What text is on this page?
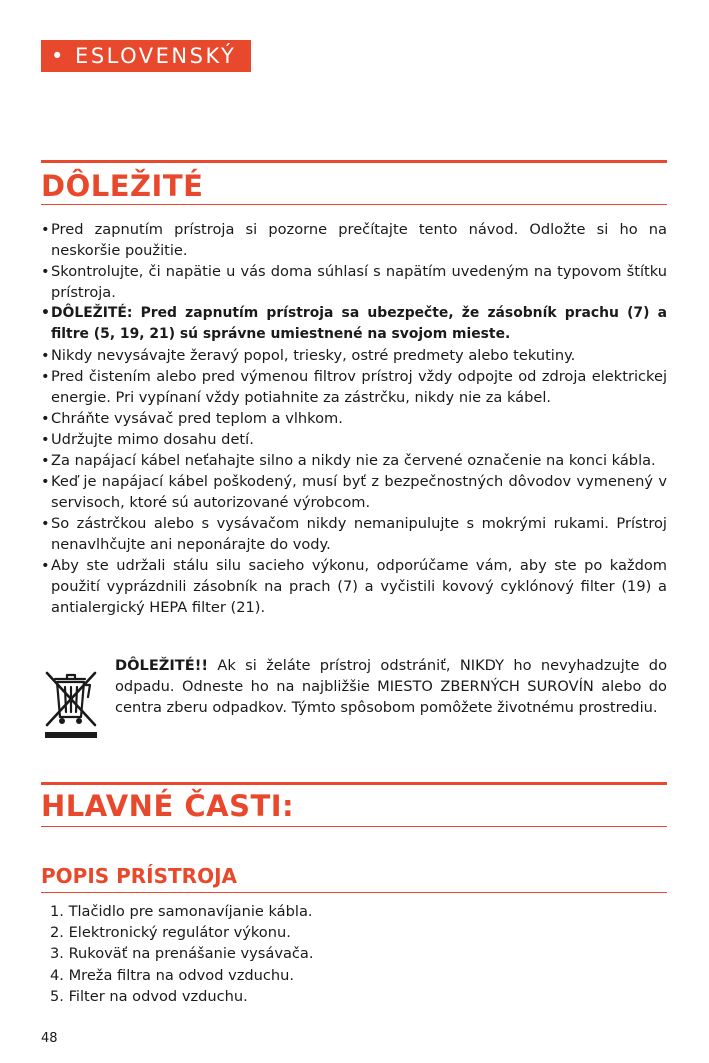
• ESLOVENSKÝ
DÔLEŽITÉ
• Pred zapnutím prístroja si pozorne prečítajte tento návod. Odložte si ho na neskoršie použitie.
• Skontrolujte, či napätie u vás doma súhlasí s napätím uvedeným na typovom štítku prístroja.
• DÔLEŽITÉ: Pred zapnutím prístroja sa ubezpečte, že zásobník prachu (7) a filtre (5, 19, 21) sú správne umiestnené na svojom mieste.
• Nikdy nevysávajte žeravý popol, triesky, ostré predmety alebo tekutiny.
• Pred čistením alebo pred výmenou filtrov prístroj vždy odpojte od zdroja elektrickej energie. Pri vypínaní vždy potiahnite za zástrčku, nikdy nie za kábel.
• Chráňte vysávač pred teplom a vlhkom.
• Udržujte mimo dosahu detí.
• Za napájací kábel neťahajte silno a nikdy nie za červené označenie na konci kábla.
• Keď je napájací kábel poškodený, musí byť z bezpečnostných dôvodov vymenený v servisoch, ktoré sú autorizované výrobcom.
• So zástrčkou alebo s vysávačom nikdy nemanipulujte s mokrými rukami. Prístroj nenavlhčujte ani neponárajte do vody.
• Aby ste udržali stálu silu sacieho výkonu, odporúčame vám, aby ste po každom použití vyprázdnili zásobník na prach (7) a vyčistili kovový cyklónový filter (19) a antialergický HEPA filter (21).

DÔLEŽITÉ!! Ak si želáte prístroj odstrániť, NIKDY ho nevyhadzujte do odpadu. Odneste ho na najbližšie MIESTO ZBERNÝCH SUROVÍN alebo do centra zberu odpadkov. Týmto spôsobom pomôžete životnému prostrediu.

HLAVNÉ ČASTI:
POPIS PRÍSTROJA
1. Tlačidlo pre samonavíjanie kábla.
2. Elektronický regulátor výkonu.
3. Rukoväť na prenášanie vysávača.
4. Mreža filtra na odvod vzduchu.
5. Filter na odvod vzduchu.
48
